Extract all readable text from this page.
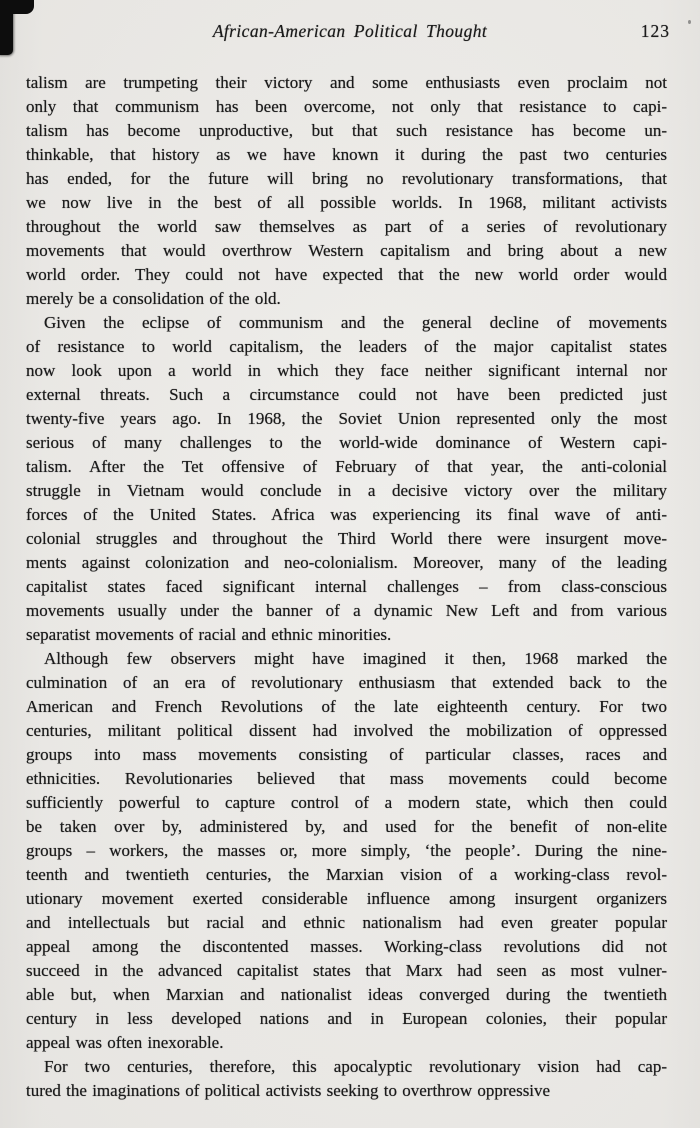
African-American Political Thought	123
talism are trumpeting their victory and some enthusiasts even proclaim not
only that communism has been overcome, not only that resistance to capi-
talism has become unproductive, but that such resistance has become un-
thinkable, that history as we have known it during the past two centuries
has ended, for the future will bring no revolutionary transformations, that
we now live in the best of all possible worlds. In 1968, militant activists
throughout the world saw themselves as part of a series of revolutionary
movements that would overthrow Western capitalism and bring about a new
world order. They could not have expected that the new world order would
merely be a consolidation of the old.
Given the eclipse of communism and the general decline of movements
of resistance to world capitalism, the leaders of the major capitalist states
now look upon a world in which they face neither significant internal nor
external threats. Such a circumstance could not have been predicted just
twenty-five years ago. In 1968, the Soviet Union represented only the most
serious of many challenges to the world-wide dominance of Western capi-
talism. After the Tet offensive of February of that year, the anti-colonial
struggle in Vietnam would conclude in a decisive victory over the military
forces of the United States. Africa was experiencing its final wave of anti-
colonial struggles and throughout the Third World there were insurgent move-
ments against colonization and neo-colonialism. Moreover, many of the leading
capitalist states faced significant internal challenges – from class-conscious
movements usually under the banner of a dynamic New Left and from various
separatist movements of racial and ethnic minorities.
Although few observers might have imagined it then, 1968 marked the
culmination of an era of revolutionary enthusiasm that extended back to the
American and French Revolutions of the late eighteenth century. For two
centuries, militant political dissent had involved the mobilization of oppressed
groups into mass movements consisting of particular classes, races and
ethnicities. Revolutionaries believed that mass movements could become
sufficiently powerful to capture control of a modern state, which then could
be taken over by, administered by, and used for the benefit of non-elite
groups – workers, the masses or, more simply, ‘the people’. During the nine-
teenth and twentieth centuries, the Marxian vision of a working-class revol-
utionary movement exerted considerable influence among insurgent organizers
and intellectuals but racial and ethnic nationalism had even greater popular
appeal among the discontented masses. Working-class revolutions did not
succeed in the advanced capitalist states that Marx had seen as most vulner-
able but, when Marxian and nationalist ideas converged during the twentieth
century in less developed nations and in European colonies, their popular
appeal was often inexorable.
For two centuries, therefore, this apocalyptic revolutionary vision had cap-
tured the imaginations of political activists seeking to overthrow oppressive
